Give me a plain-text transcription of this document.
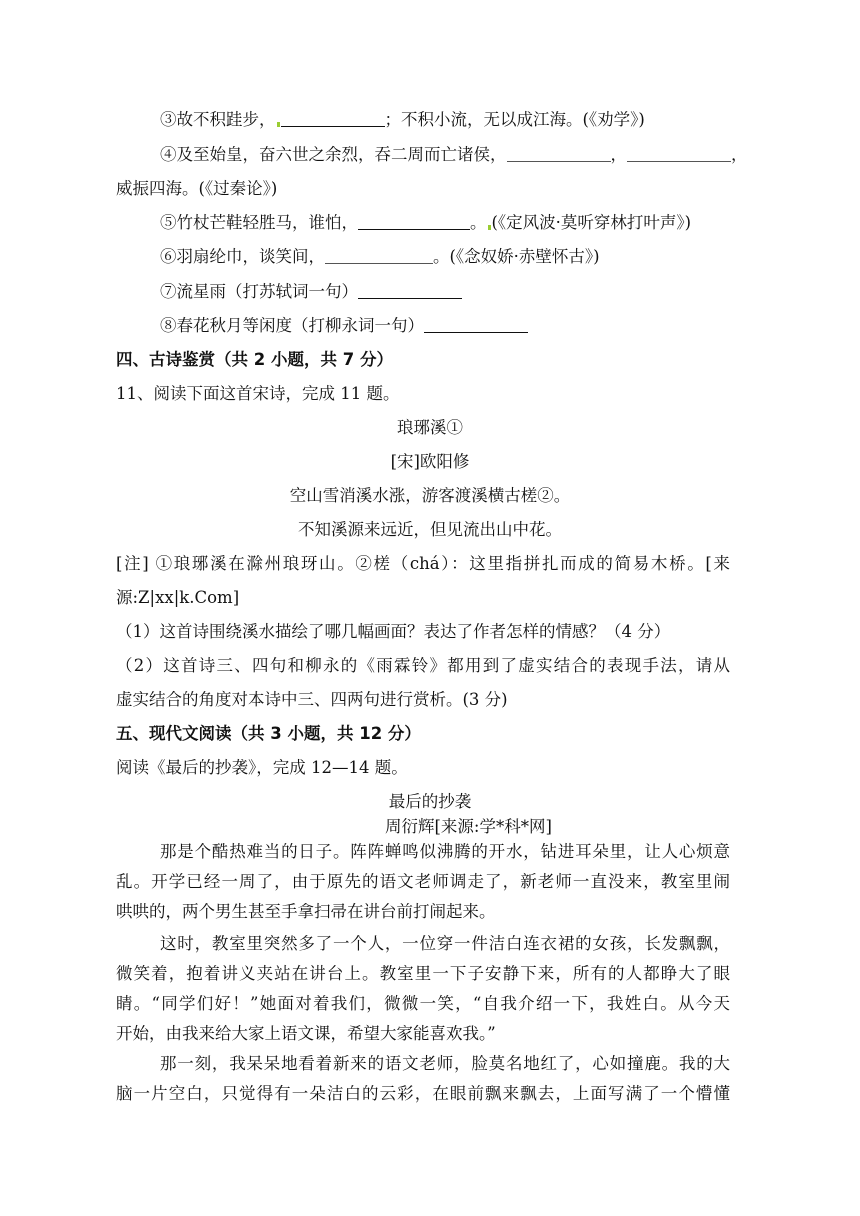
③故不积跬步，	；不积小流，无以成江海。(《劝学》)
④及至始皇，奋六世之余烈，吞二周而亡诸侯，	，	，
威振四海。(《过秦论》)
⑤竹杖芒鞋轻胜马，谁怕，	。 (《定风波·莫听穿林打叶声》)
⑥羽扇纶巾，谈笑间，	。(《念奴娇·赤壁怀古》)
⑦流星雨（打苏轼词一句）
⑧春花秋月等闲度（打柳永词一句）
四、古诗鉴赏（共 2 小题，共 7 分）
11、阅读下面这首宋诗，完成 11 题。
琅琊溪①
[宋]欧阳修
空山雪消溪水涨，游客渡溪横古槎②。
不知溪源来远近，但见流出山中花。
[注] ①琅琊溪在滁州琅玡山。②槎（chá）：这里指拼扎而成的简易木桥。[来
源:Z|xx|k.Com]
（1）这首诗围绕溪水描绘了哪几幅画面？表达了作者怎样的情感？（4 分）
（2）这首诗三、四句和柳永的《雨霖铃》都用到了虚实结合的表现手法，请从
虚实结合的角度对本诗中三、四两句进行赏析。(3 分)
五、现代文阅读（共 3 小题，共 12 分）
阅读《最后的抄袭》，完成 12—14 题。
最后的抄袭
周衍辉[来源:学*科*网]
那是个酷热难当的日子。阵阵蝉鸣似沸腾的开水，钻进耳朵里，让人心烦意
乱。开学已经一周了，由于原先的语文老师调走了，新老师一直没来，教室里闹
哄哄的，两个男生甚至手拿扫帚在讲台前打闹起来。
这时，教室里突然多了一个人，一位穿一件洁白连衣裙的女孩，长发飘飘，
微笑着，抱着讲义夹站在讲台上。教室里一下子安静下来，所有的人都睁大了眼
睛。“同学们好！”她面对着我们，微微一笑，“自我介绍一下，我姓白。从今天
开始，由我来给大家上语文课，希望大家能喜欢我。”
那一刻，我呆呆地看着新来的语文老师，脸莫名地红了，心如撞鹿。我的大
脑一片空白，只觉得有一朵洁白的云彩，在眼前飘来飘去，上面写满了一个懵懂
